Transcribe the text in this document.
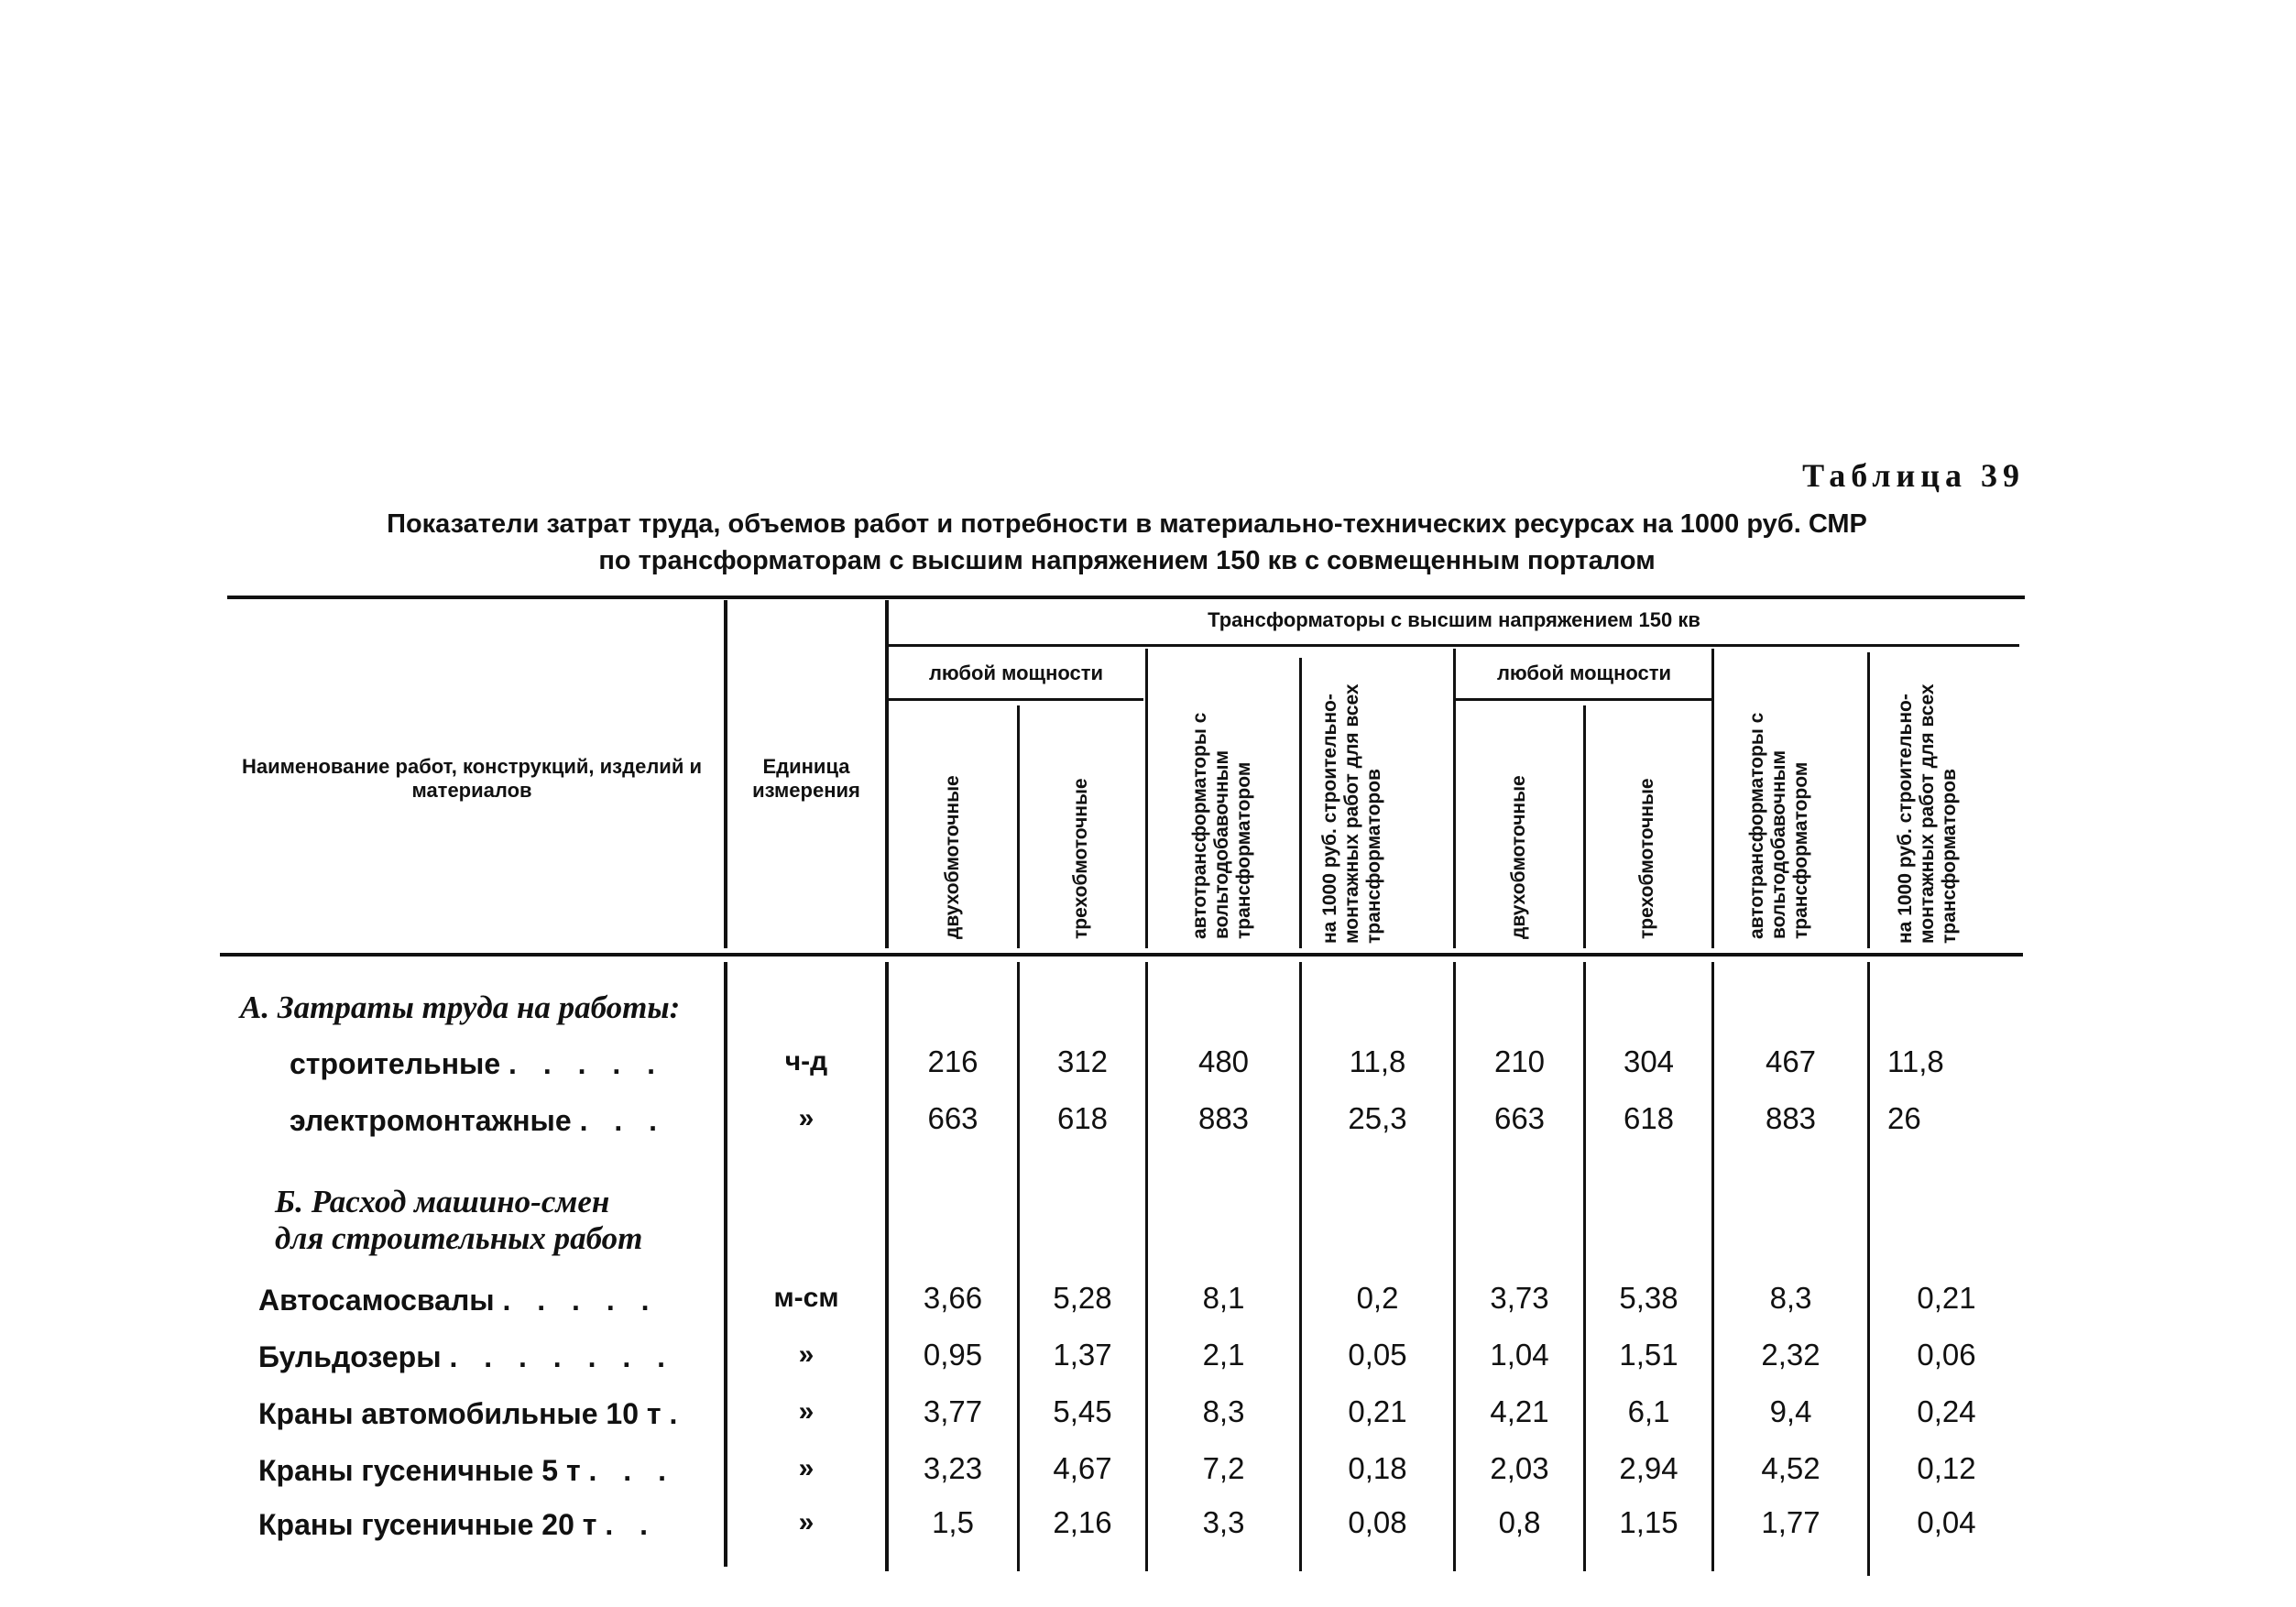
Таблица 39
Показатели затрат труда, объемов работ и потребности в материально-технических ресурсах на 1000 руб. СМР
по трансформаторам с высшим напряжением 150 кв с совмещенным порталом
Наименование работ, конструкций, изделий и материалов
Единица измерения
Трансформаторы с высшим напряжением 150 кв
любой мощности	любой мощности
двухобмоточные	трехобмоточные	автотрансформаторы с вольтодобавочным трансформатором	на 1000 руб. строительно-монтажных работ для всех трансформаторов	двухобмоточные	трехобмоточные	автотрансформаторы с вольтодобавочным трансформатором	на 1000 руб. строительно-монтажных работ для всех трансформаторов
А. Затраты труда на работы:
строительные . . . . .	ч-д	216	312	480	11,8	210	304	467	11,8
электромонтажные . . .	»	663	618	883	25,3	663	618	883	26
Б. Расход машино-смен
для строительных работ
Автосамосвалы . . . . .	м-см	3,66	5,28	8,1	0,2	3,73	5,38	8,3	0,21
Бульдозеры . . . . . . .	»	0,95	1,37	2,1	0,05	1,04	1,51	2,32	0,06
Краны автомобильные 10 т .	»	3,77	5,45	8,3	0,21	4,21	6,1	9,4	0,24
Краны гусеничные 5 т . . .	»	3,23	4,67	7,2	0,18	2,03	2,94	4,52	0,12
Краны гусеничные 20 т . .	»	1,5	2,16	3,3	0,08	0,8	1,15	1,77	0,04
